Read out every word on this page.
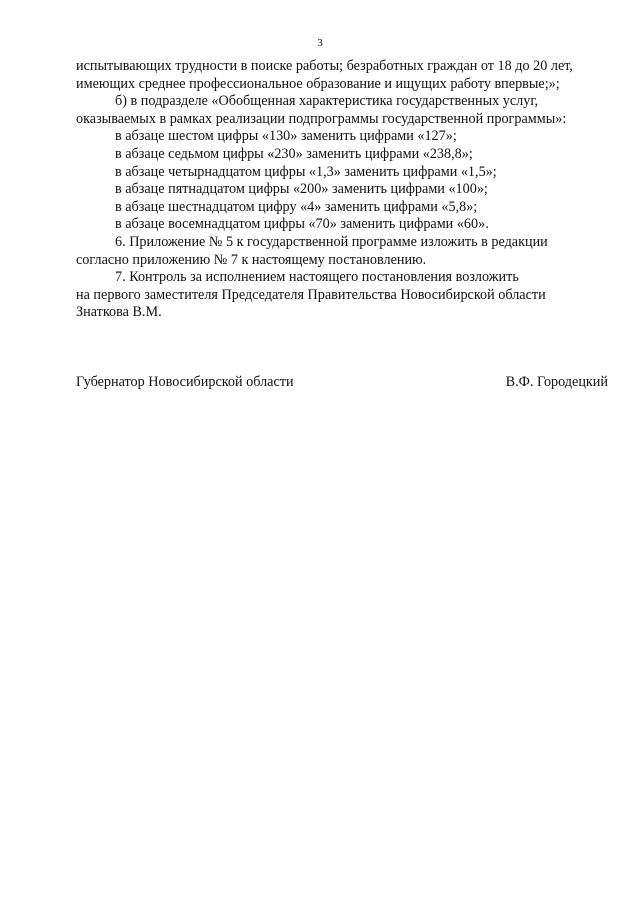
3

испытывающих трудности в поиске работы; безработных граждан от 18 до 20 лет,
имеющих среднее профессиональное образование и ищущих работу впервые;»;

б) в подразделе «Обобщенная характеристика государственных услуг,

оказываемых в рамках реализации подпрограммы государственной программы»:

в абзаце шестом цифры «130» заменить цифрами «127»;

в абзаце седьмом цифры «230» заменить цифрами «238,8»;

в абзаце четырнадцатом цифры «1,3» заменить цифрами «1,5»;

в абзаце пятнадцатом цифры «200» заменить цифрами «100»;

в абзаце шестнадцатом цифру «4» заменить цифрами «5,8»;

в абзаце восемнадцатом цифры «70» заменить цифрами «60».

6. Приложение № 5 к государственной программе изложить в редакции

согласно приложению № 7 к настоящему постановлению.

7. Контроль за исполнением настоящего постановления возложить

на первого заместителя Председателя Правительства Новосибирской области
Знаткова В.М.

Губернатор Новосибирской области	В.Ф. Городецкий
